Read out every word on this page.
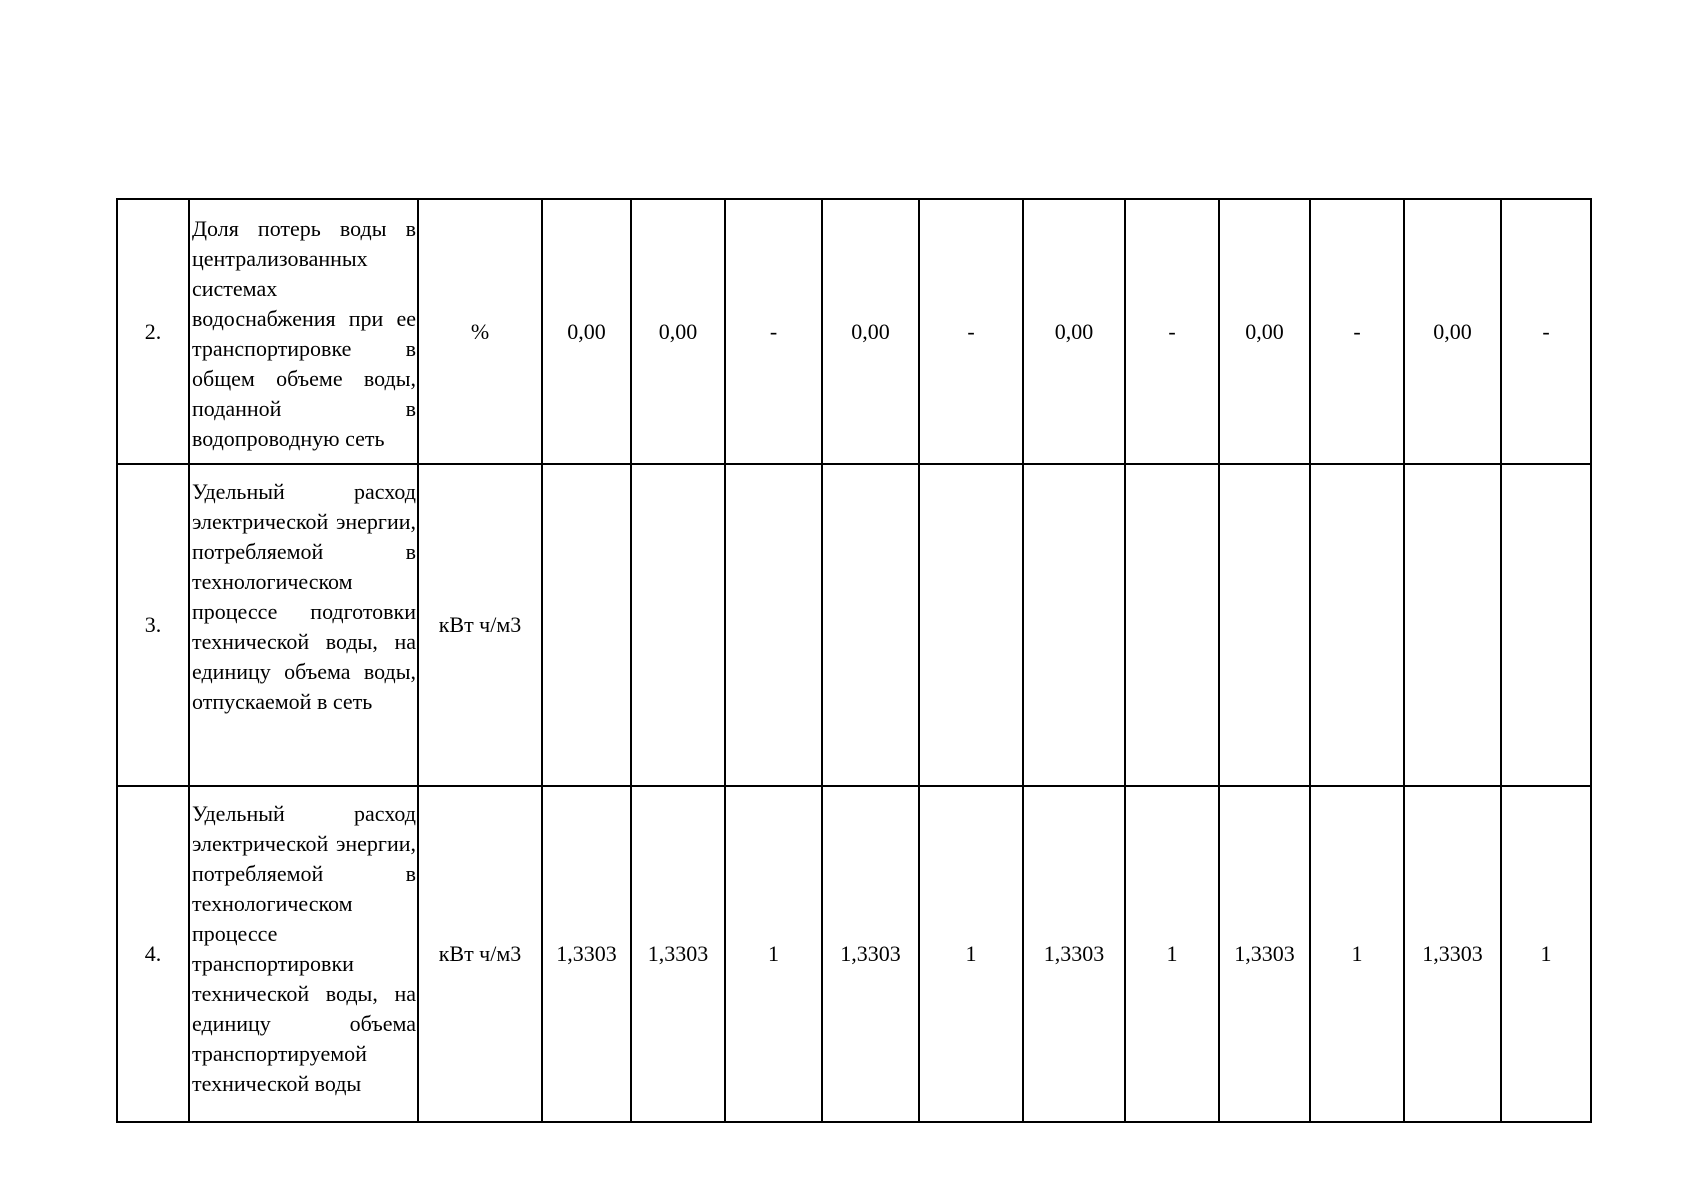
2.	Доля потерь воды в централизованных системах водоснабжения при ее транспортировке в общем объеме воды, поданной в водопроводную сеть	%	0,00	0,00	-	0,00	-	0,00	-	0,00	-	0,00	-
3.	Удельный расход электрической энергии, потребляемой в технологическом процессе подготовки технической воды, на единицу объема воды, отпускаемой в сеть	кВт ч/м3											
4.	Удельный расход электрической энергии, потребляемой в технологическом процессе транспортировки технической воды, на единицу объема транспортируемой технической воды	кВт ч/м3	1,3303	1,3303	1	1,3303	1	1,3303	1	1,3303	1	1,3303	1
